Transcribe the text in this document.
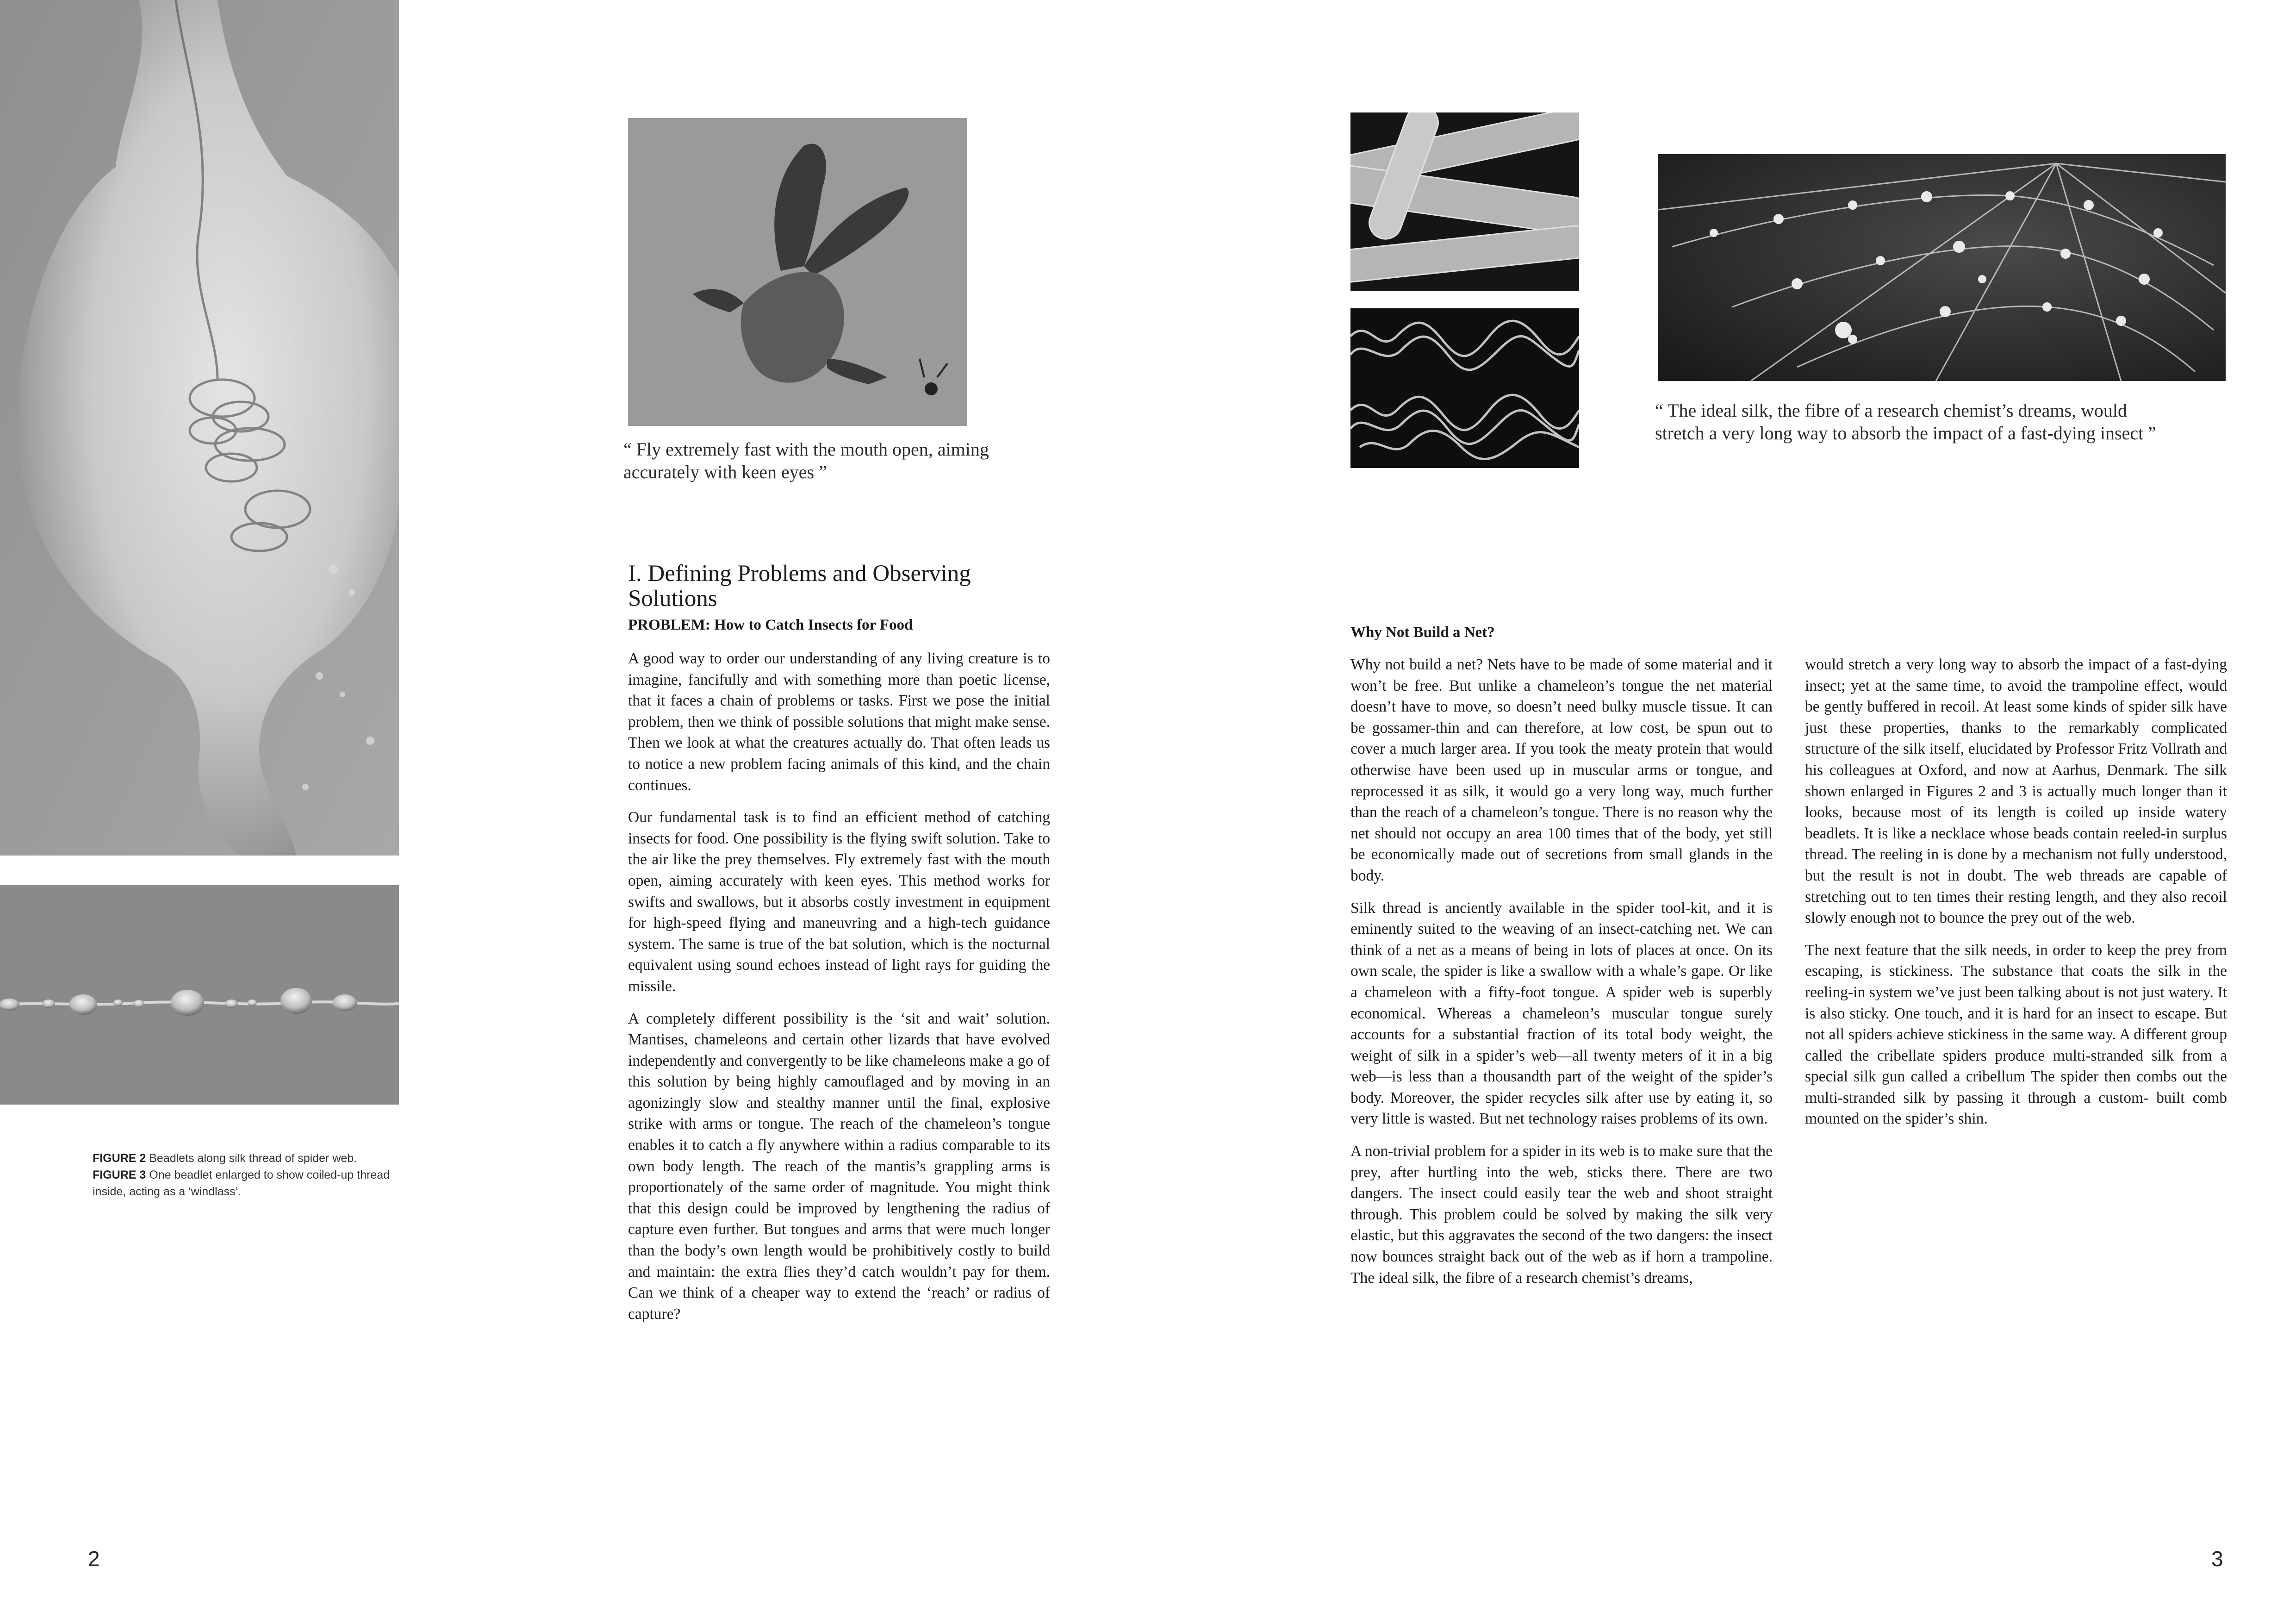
FIGURE 2 Beadlets along silk thread of spider web.
FIGURE 3 One beadlet enlarged to show coiled-up thread inside, acting as a ‘windlass’.

“ Fly extremely fast with the mouth open, aiming accurately with keen eyes ”

I. Defining Problems and Observing Solutions
PROBLEM: How to Catch Insects for Food

A good way to order our understanding of any living creature is to imagine, fancifully and with something more than poetic license, that it faces a chain of problems or tasks. First we pose the initial problem, then we think of possible solutions that might make sense. Then we look at what the creatures actually do. That often leads us to notice a new problem facing animals of this kind, and the chain continues.

Our fundamental task is to find an efficient method of catching insects for food. One possibility is the flying swift solution. Take to the air like the prey themselves. Fly extremely fast with the mouth open, aiming accurately with keen eyes. This method works for swifts and swallows, but it absorbs costly investment in equipment for high-speed flying and maneuvring and a high-tech guidance system. The same is true of the bat solution, which is the nocturnal equivalent using sound echoes instead of light rays for guiding the missile.

A completely different possibility is the ‘sit and wait’ solution. Mantises, chameleons and certain other lizards that have evolved independently and convergently to be like chameleons make a go of this solution by being highly camouflaged and by moving in an agonizingly slow and stealthy manner until the final, explosive strike with arms or tongue. The reach of the chameleon’s tongue enables it to catch a fly anywhere within a radius comparable to its own body length. The reach of the mantis’s grappling arms is proportionately of the same order of magnitude. You might think that this design could be improved by lengthening the radius of capture even further. But tongues and arms that were much longer than the body’s own length would be prohibitively costly to build and maintain: the extra flies they’d catch wouldn’t pay for them. Can we think of a cheaper way to extend the ‘reach’ or radius of capture?

2

“ The ideal silk, the fibre of a research chemist’s dreams, would stretch a very long way to absorb the impact of a fast-dying insect ”

Why Not Build a Net?

Why not build a net? Nets have to be made of some material and it won’t be free. But unlike a chameleon’s tongue the net material doesn’t have to move, so doesn’t need bulky muscle tissue. It can be gossamer-thin and can therefore, at low cost, be spun out to cover a much larger area. If you took the meaty protein that would otherwise have been used up in muscular arms or tongue, and reprocessed it as silk, it would go a very long way, much further than the reach of a chameleon’s tongue. There is no reason why the net should not occupy an area 100 times that of the body, yet still be economically made out of secretions from small glands in the body.

Silk thread is anciently available in the spider tool-kit, and it is eminently suited to the weaving of an insect-catching net. We can think of a net as a means of being in lots of places at once. On its own scale, the spider is like a swallow with a whale’s gape. Or like a chameleon with a fifty-foot tongue. A spider web is superbly economical. Whereas a chameleon’s muscular tongue surely accounts for a substantial fraction of its total body weight, the weight of silk in a spider’s web—all twenty meters of it in a big web—is less than a thousandth part of the weight of the spider’s body. Moreover, the spider recycles silk after use by eating it, so very little is wasted. But net technology raises problems of its own.

A non-trivial problem for a spider in its web is to make sure that the prey, after hurtling into the web, sticks there. There are two dangers. The insect could easily tear the web and shoot straight through. This problem could be solved by making the silk very elastic, but this aggravates the second of the two dangers: the insect now bounces straight back out of the web as if horn a trampoline. The ideal silk, the fibre of a research chemist’s dreams,

would stretch a very long way to absorb the impact of a fast-dying insect; yet at the same time, to avoid the trampoline effect, would be gently buffered in recoil. At least some kinds of spider silk have just these properties, thanks to the remarkably complicated structure of the silk itself, elucidated by Professor Fritz Vollrath and his colleagues at Oxford, and now at Aarhus, Denmark. The silk shown enlarged in Figures 2 and 3 is actually much longer than it looks, because most of its length is coiled up inside watery beadlets. It is like a necklace whose beads contain reeled-in surplus thread. The reeling in is done by a mechanism not fully understood, but the result is not in doubt. The web threads are capable of stretching out to ten times their resting length, and they also recoil slowly enough not to bounce the prey out of the web.

The next feature that the silk needs, in order to keep the prey from escaping, is stickiness. The substance that coats the silk in the reeling-in system we’ve just been talking about is not just watery. It is also sticky. One touch, and it is hard for an insect to escape. But not all spiders achieve stickiness in the same way. A different group called the cribellate spiders produce multi-stranded silk from a special silk gun called a cribellum The spider then combs out the multi-stranded silk by passing it through a custom- built comb mounted on the spider’s shin.

3
